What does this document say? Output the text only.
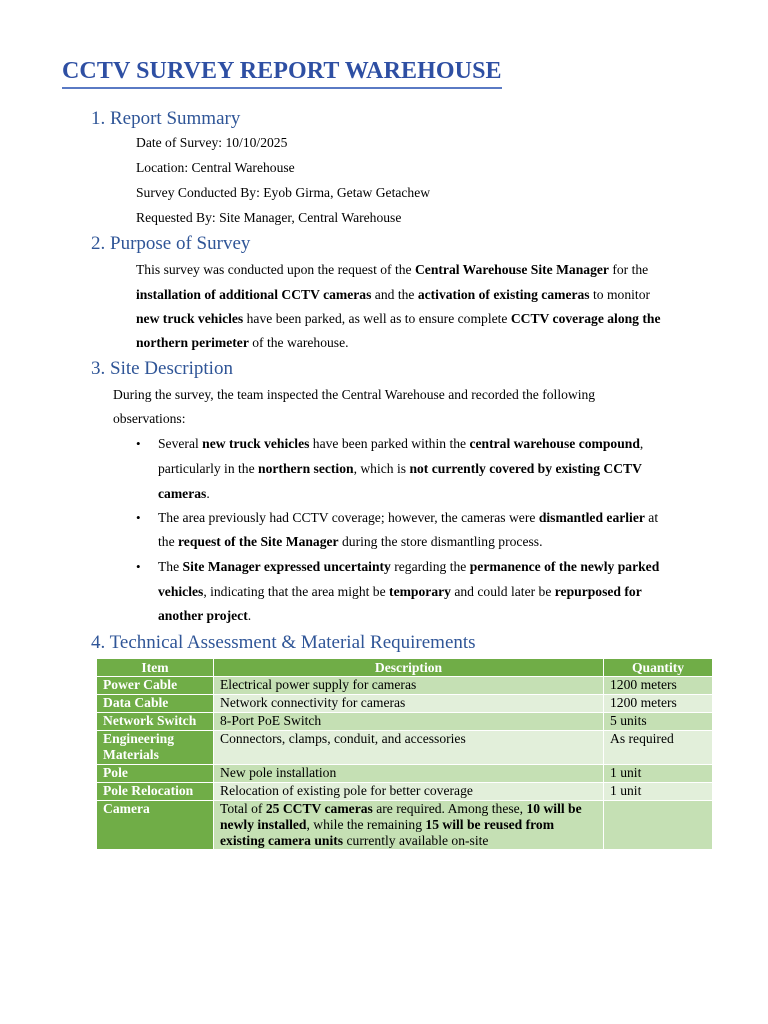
CCTV SURVEY REPORT WAREHOUSE
1. Report Summary
Date of Survey: 10/10/2025
Location: Central Warehouse
Survey Conducted By: Eyob Girma, Getaw Getachew
Requested By: Site Manager, Central Warehouse
2. Purpose of Survey
This survey was conducted upon the request of the Central Warehouse Site Manager for the
installation of additional CCTV cameras and the activation of existing cameras to monitor
new truck vehicles have been parked, as well as to ensure complete CCTV coverage along the
northern perimeter of the warehouse.
3. Site Description
During the survey, the team inspected the Central Warehouse and recorded the following
observations:
• Several new truck vehicles have been parked within the central warehouse compound,
particularly in the northern section, which is not currently covered by existing CCTV
cameras.
• The area previously had CCTV coverage; however, the cameras were dismantled earlier at
the request of the Site Manager during the store dismantling process.
• The Site Manager expressed uncertainty regarding the permanence of the newly parked
vehicles, indicating that the area might be temporary and could later be repurposed for
another project.
4. Technical Assessment & Material Requirements
Item	Description	Quantity
Power Cable	Electrical power supply for cameras	1200 meters
Data Cable	Network connectivity for cameras	1200 meters
Network Switch	8-Port PoE Switch	5 units
Engineering Materials	Connectors, clamps, conduit, and accessories	As required
Pole	New pole installation	1 unit
Pole Relocation	Relocation of existing pole for better coverage	1 unit
Camera	Total of 25 CCTV cameras are required. Among these, 10 will be newly installed, while the remaining 15 will be reused from existing camera units currently available on-site	
